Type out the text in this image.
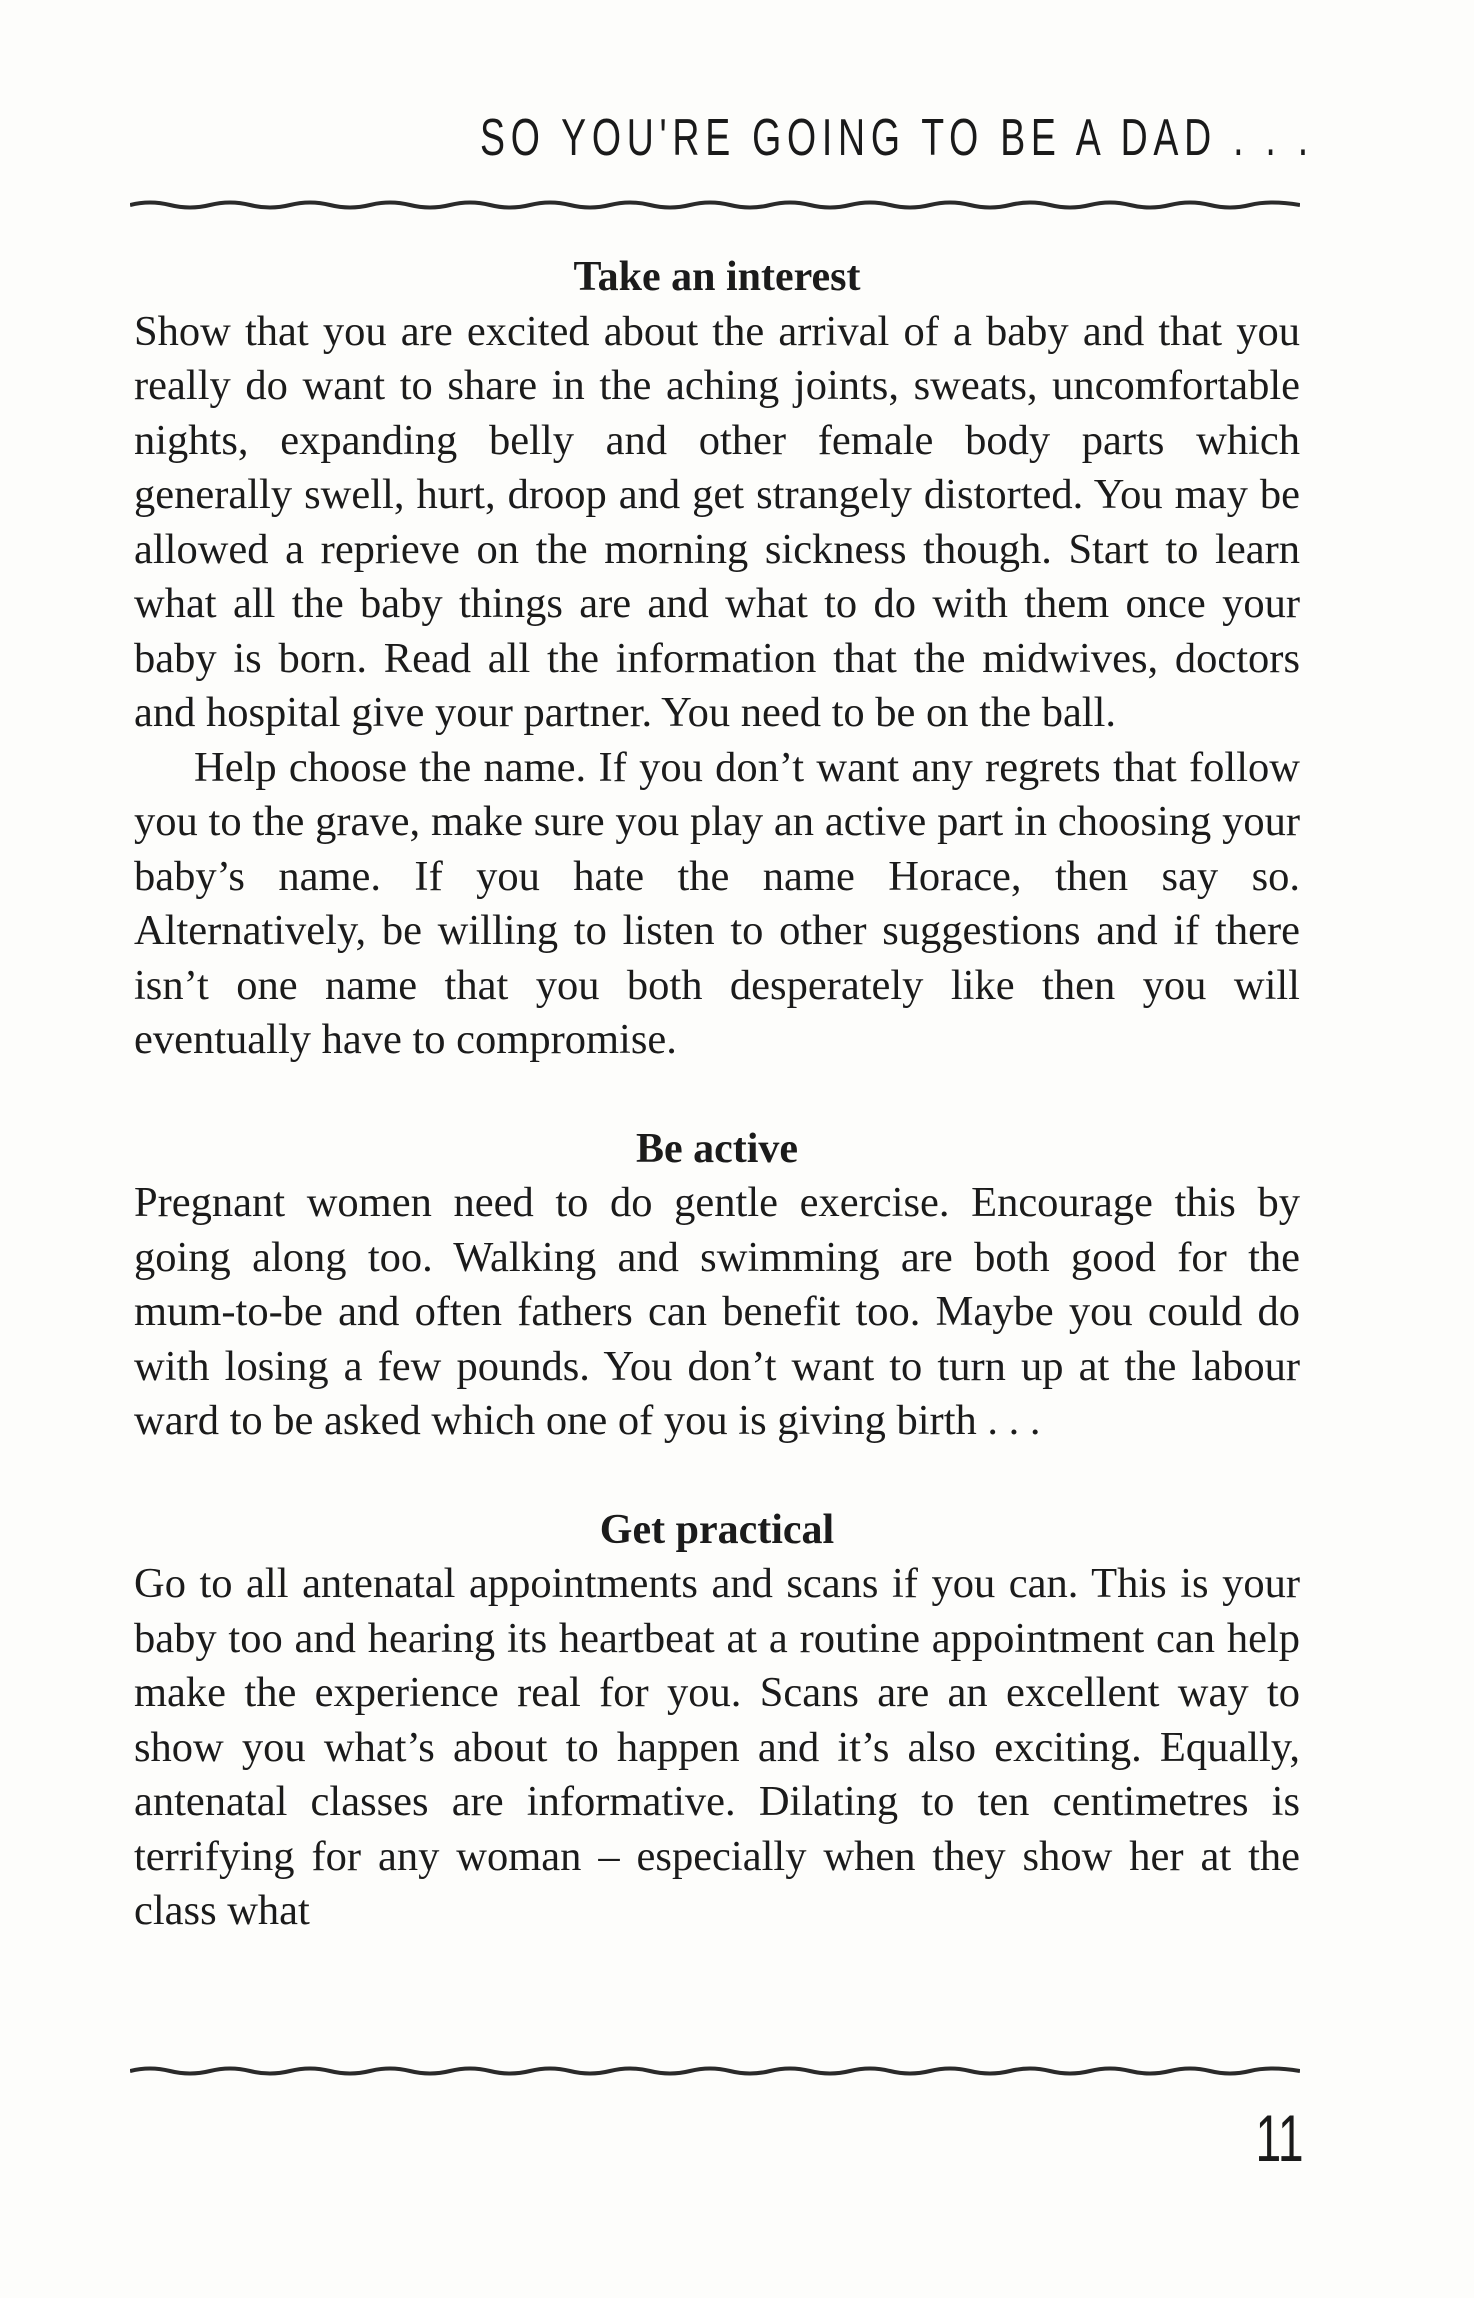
SO YOU'RE GOING TO BE A DAD . . .
Take an interest

Show that you are excited about the arrival of a baby and that you really do want to share in the aching joints, sweats, uncomfortable nights, expanding belly and other female body parts which generally swell, hurt, droop and get strangely distorted. You may be allowed a reprieve on the morning sickness though. Start to learn what all the baby things are and what to do with them once your baby is born. Read all the information that the midwives, doctors and hospital give your partner. You need to be on the ball.

Help choose the name. If you don’t want any regrets that follow you to the grave, make sure you play an active part in choosing your baby’s name. If you hate the name Horace, then say so. Alternatively, be willing to listen to other suggestions and if there isn’t one name that you both desperately like then you will eventually have to compromise.

Be active

Pregnant women need to do gentle exercise. Encourage this by going along too. Walking and swimming are both good for the mum-to-be and often fathers can benefit too. Maybe you could do with losing a few pounds. You don’t want to turn up at the labour ward to be asked which one of you is giving birth . . .

Get practical

Go to all antenatal appointments and scans if you can. This is your baby too and hearing its heartbeat at a routine appointment can help make the experience real for you. Scans are an excellent way to show you what’s about to happen and it’s also exciting. Equally, antenatal classes are informative. Dilating to ten centimetres is terrifying for any woman – especially when they show her at the class what

11
